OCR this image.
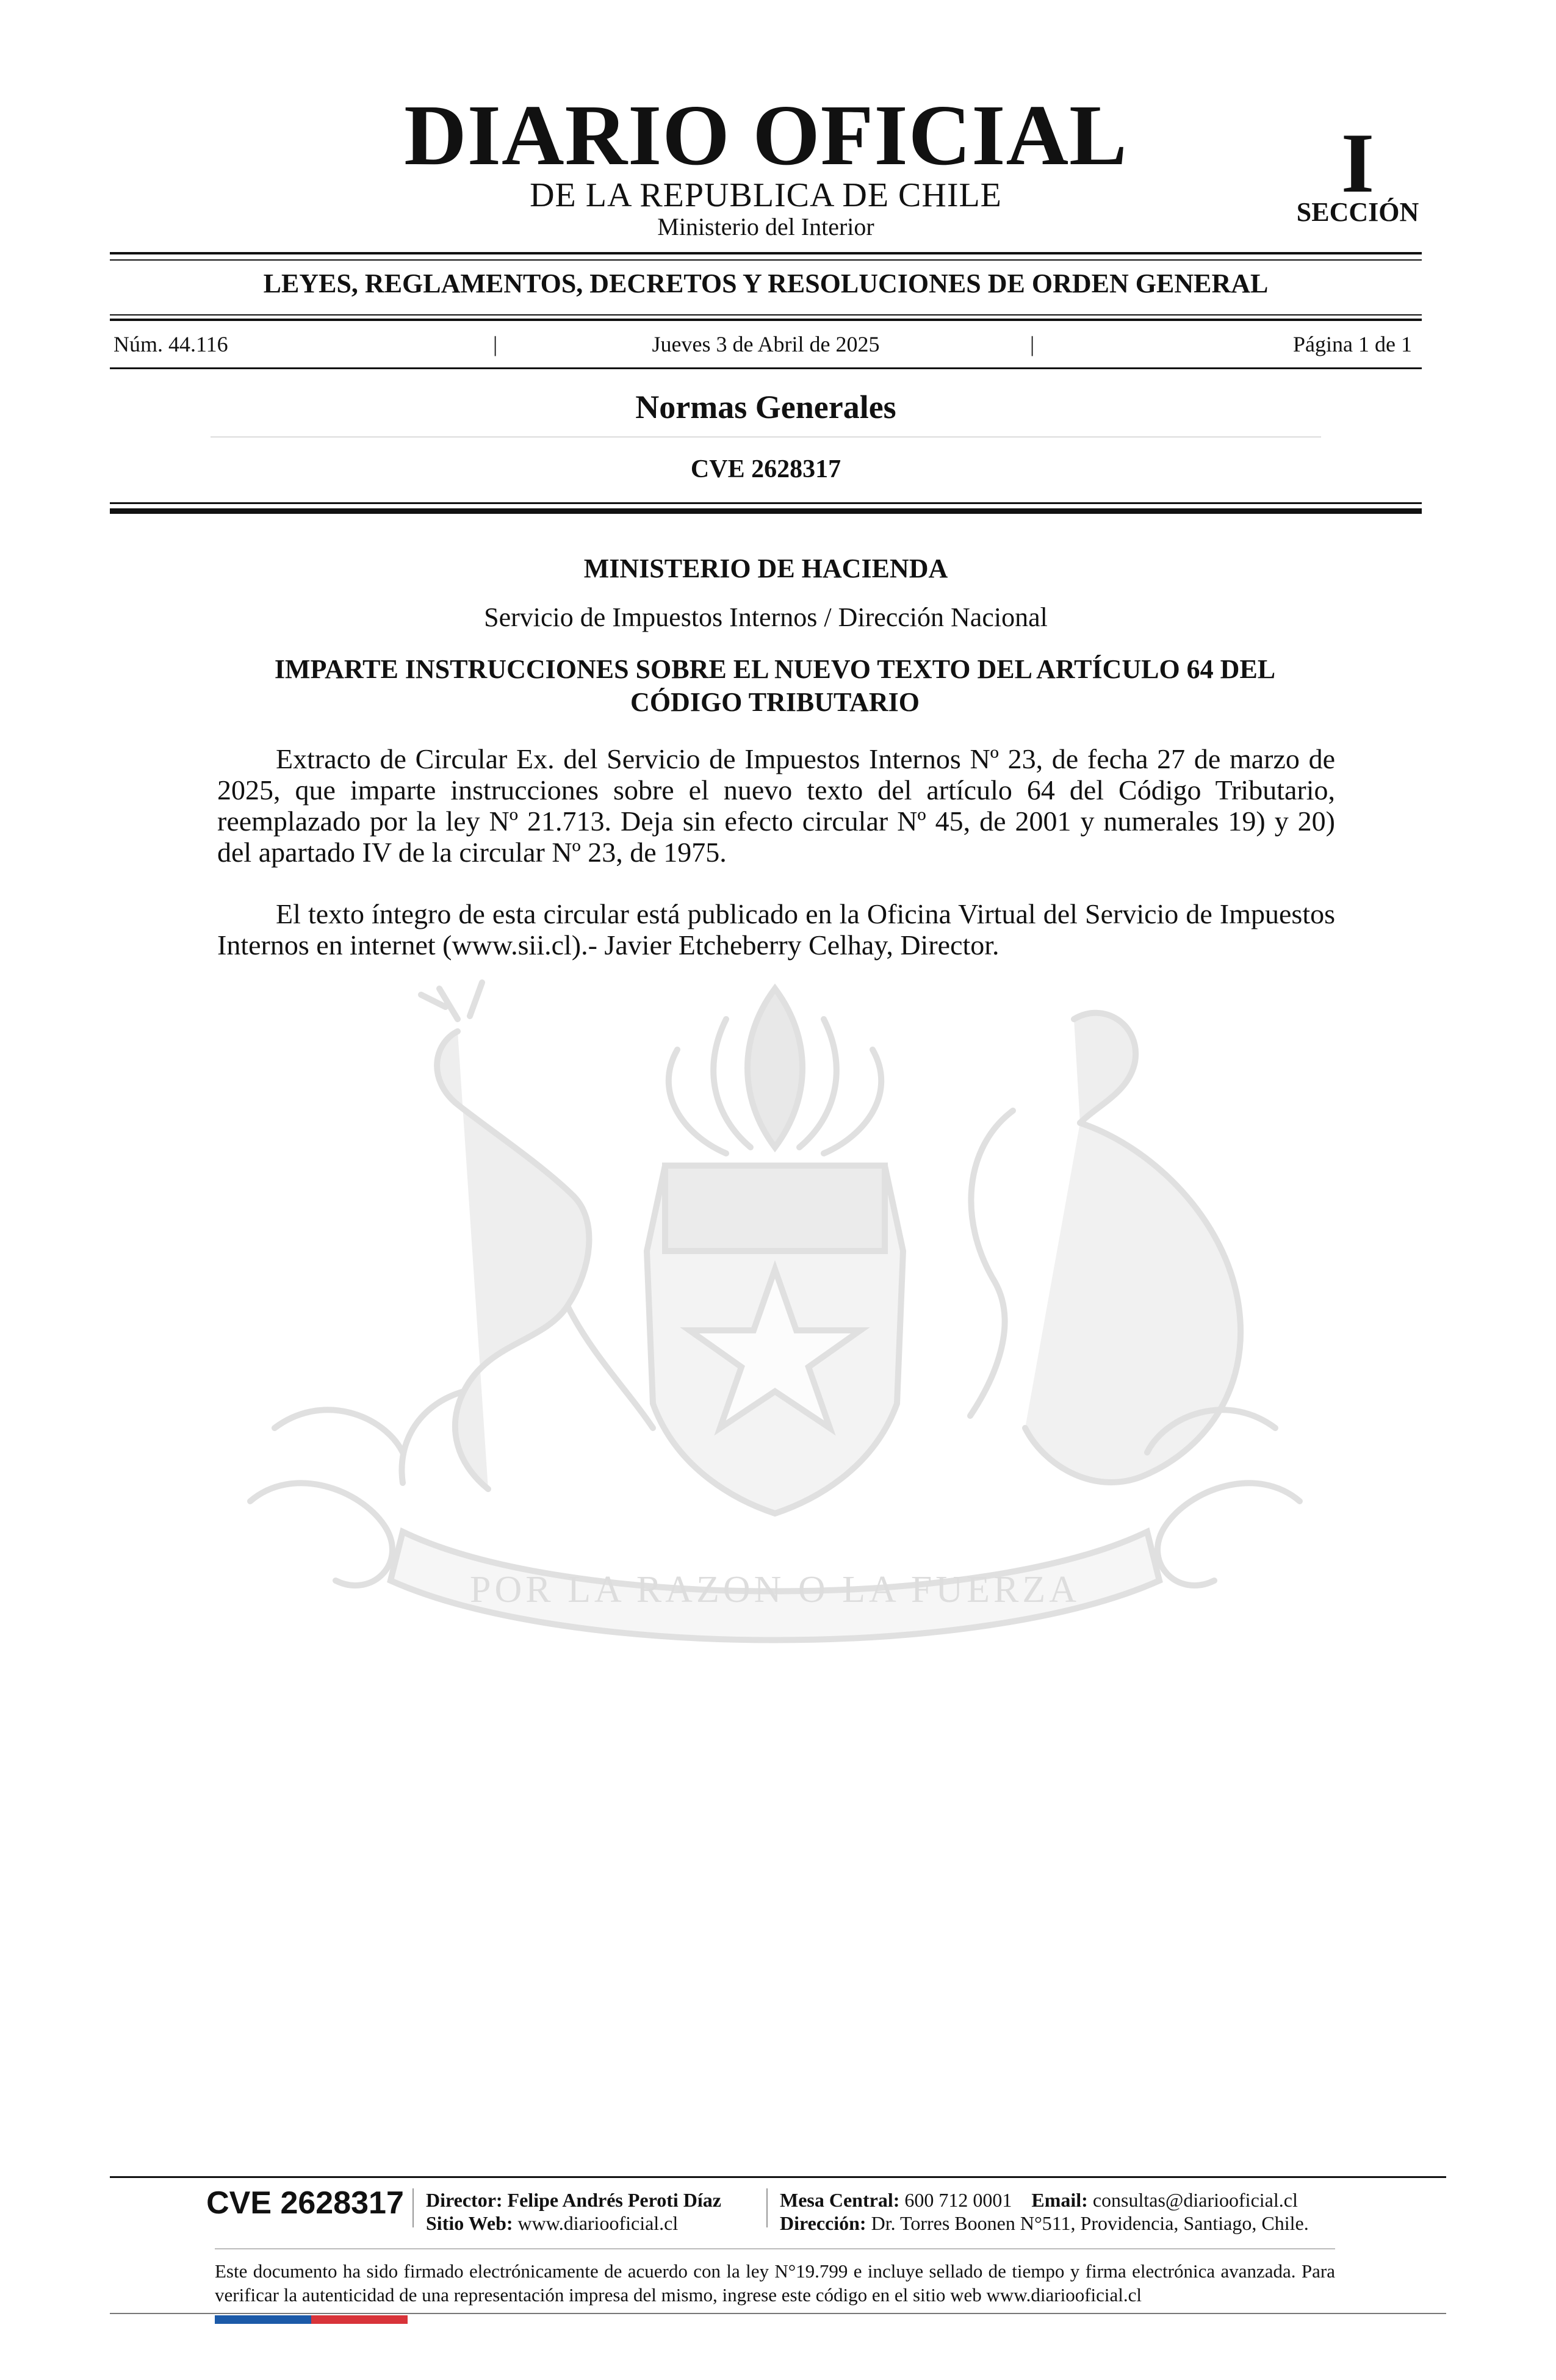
DIARIO OFICIAL
DE LA REPUBLICA DE CHILE
Ministerio del Interior
I
SECCIÓN
LEYES, REGLAMENTOS, DECRETOS Y RESOLUCIONES DE ORDEN GENERAL
Núm. 44.116	|	Jueves 3 de Abril de 2025	|	Página 1 de 1
Normas Generales
CVE 2628317
MINISTERIO DE HACIENDA
Servicio de Impuestos Internos / Dirección Nacional
IMPARTE INSTRUCCIONES SOBRE EL NUEVO TEXTO DEL ARTÍCULO 64 DEL CÓDIGO TRIBUTARIO

Extracto de Circular Ex. del Servicio de Impuestos Internos Nº 23, de fecha 27 de marzo de 2025, que imparte instrucciones sobre el nuevo texto del artículo 64 del Código Tributario, reemplazado por la ley Nº 21.713. Deja sin efecto circular Nº 45, de 2001 y numerales 19) y 20) del apartado IV de la circular Nº 23, de 1975.

El texto íntegro de esta circular está publicado en la Oficina Virtual del Servicio de Impuestos Internos en internet (www.sii.cl).- Javier Etcheberry Celhay, Director.

POR LA RAZON O LA FUERZA
CVE 2628317 Director: Felipe Andrés Peroti Díaz
Sitio Web: www.diariooficial.cl
Mesa Central: 600 712 0001 Email: consultas@diariooficial.cl
Dirección: Dr. Torres Boonen N°511, Providencia, Santiago, Chile.
Este documento ha sido firmado electrónicamente de acuerdo con la ley N°19.799 e incluye sellado de tiempo y firma electrónica avanzada. Para verificar la autenticidad de una representación impresa del mismo, ingrese este código en el sitio web www.diariooficial.cl
